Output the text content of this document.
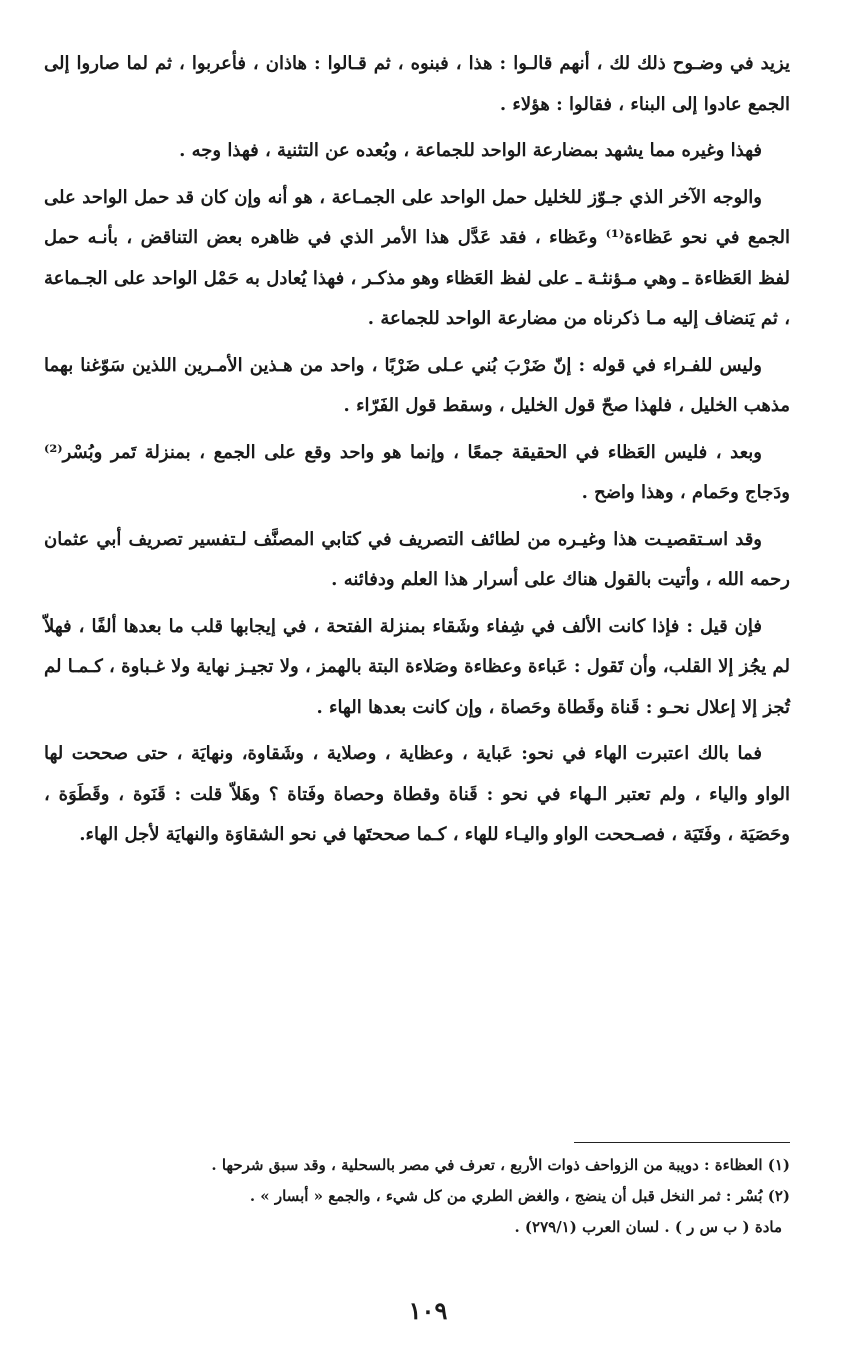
يزيد في وضـوح ذلك لك ، أنهم قالـوا : هذا ، فبنوه ، ثم قـالوا : هاذان ، فأعربوا ، ثم لما صاروا إلى الجمع عادوا إلى البناء ، فقالوا : هؤلاء .

فهذا وغيره مما يشهد بمضارعة الواحد للجماعة ، وبُعده عن التثنية ، فهذا وجه .

والوجه الآخر الذي جـوّز للخليل حمل الواحد على الجمـاعة ، هو أنه وإن كان قد حمل الواحد على الجمع في نحو عَظاءة⁽¹⁾ وعَظاء ، فقد عَدَّل هذا الأمر الذي في ظاهره بعض التناقض ، بأنـه حمل لفظ العَظاءة ـ وهي مـؤنثـة ـ على لفظ العَظاء وهو مذكـر ، فهذا يُعادل به حَمْل الواحد على الجـماعة ، ثم يَنضاف إليه مـا ذكرناه من مضارعة الواحد للجماعة .

وليس للفـراء في قوله : إنّ ضَرْبَ بُني عـلى ضَرْبًا ، واحد من هـذين الأمـرين اللذين سَوّغنا بهما مذهب الخليل ، فلهذا صحّ قول الخليل ، وسقط قول الفَرّاء .

وبعد ، فليس العَظاء في الحقيقة جمعًا ، وإنما هو واحد وقع على الجمع ، بمنزلة تَمر وبُسْر⁽²⁾ ودَجاج وحَمام ، وهذا واضح .

وقد اسـتقصيـت هذا وغيـره من لطائف التصريف في كتابي المصنَّف لـتفسير تصريف أبي عثمان رحمه الله ، وأتيت بالقول هناك على أسرار هذا العلم ودفائنه .

فإن قيل : فإذا كانت الألف في شِفاء وشَقاء بمنزلة الفتحة ، في إيجابها قلب ما بعدها ألفًا ، فهلاّ لم يجُز إلا القلب، وأن تَقول : عَباءة وعظاءة وصَلاءة البتة بالهمز ، ولا تجيـز نهاية ولا غـباوة ، كـمـا لم تُجز إلا إعلال نحـو : قَناة وقَطاة وحَصاة ، وإن كانت بعدها الهاء .

فما بالك اعتبرت الهاء في نحو: عَباية ، وعظاية ، وصلاية ، وشَقاوة، ونهايَة ، حتى صححت لها الواو والياء ، ولم تعتبر الـهاء في نحو : قَناة وقطاة وحصاة وفَتاة ؟ وهَلاّ قلت : قَنَوة ، وقَطَوَة ، وحَصَيَة ، وفَتَيَة ، فصـححت الواو واليـاء للهاء ، كـما صححتَها في نحو الشقاوَة والنهايَة لأجل الهاء.

(١) العظاءة : دويبة من الزواحف ذوات الأربع ، تعرف في مصر بالسحلية ، وقد سبق شرحها .

(٢) بُسْر : ثمر النخل قبل أن ينضج ، والغض الطري من كل شيء ، والجمع « أبسار » .

مادة ( ب س ر ) . لسان العرب (٢٧٩/١) .

١٠٩
